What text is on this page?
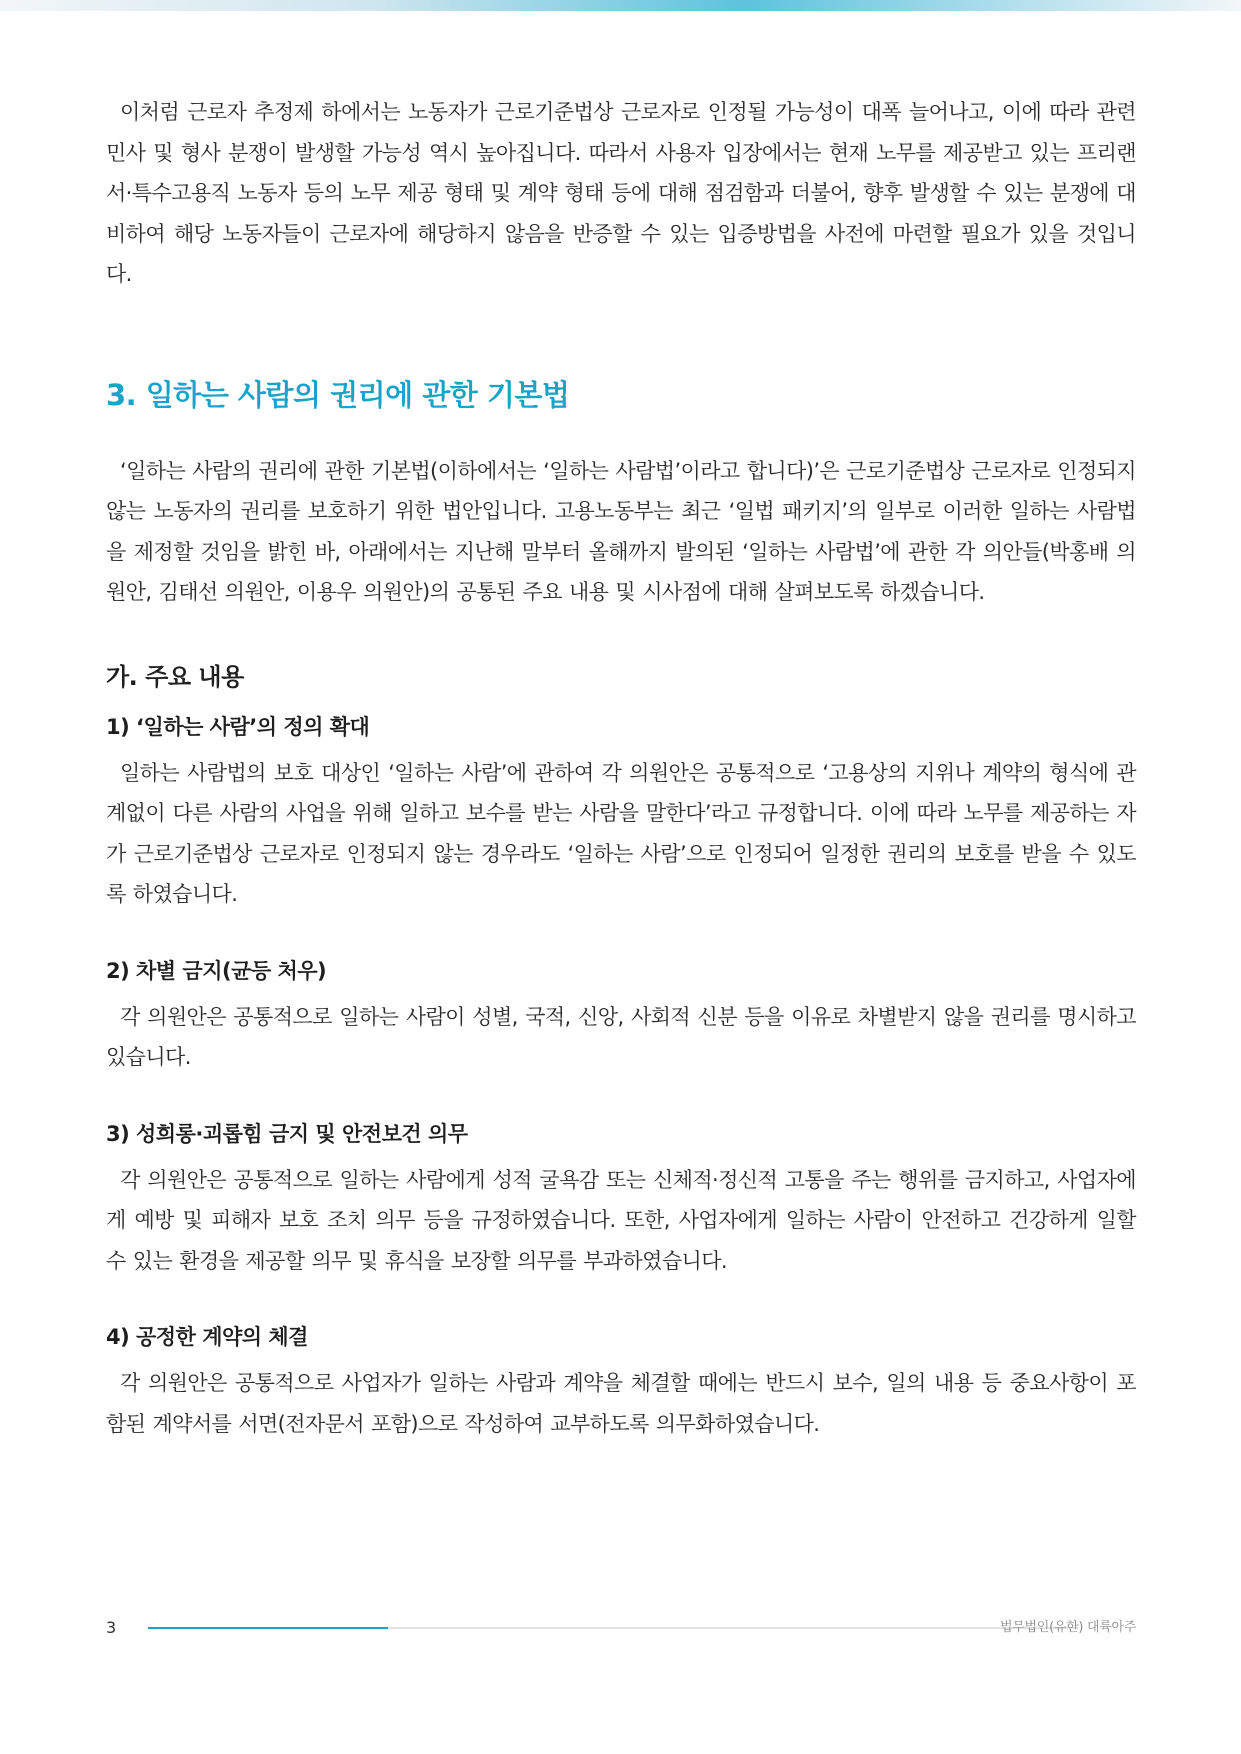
이처럼 근로자 추정제 하에서는 노동자가 근로기준법상 근로자로 인정될 가능성이 대폭 늘어나고, 이에 따라 관련 민사 및 형사 분쟁이 발생할 가능성 역시 높아집니다. 따라서 사용자 입장에서는 현재 노무를 제공받고 있는 프리랜서·특수고용직 노동자 등의 노무 제공 형태 및 계약 형태 등에 대해 점검함과 더불어, 향후 발생할 수 있는 분쟁에 대비하여 해당 노동자들이 근로자에 해당하지 않음을 반증할 수 있는 입증방법을 사전에 마련할 필요가 있을 것입니다.

3. 일하는 사람의 권리에 관한 기본법

‘일하는 사람의 권리에 관한 기본법(이하에서는 ‘일하는 사람법’이라고 합니다)’은 근로기준법상 근로자로 인정되지 않는 노동자의 권리를 보호하기 위한 법안입니다. 고용노동부는 최근 ‘일법 패키지’의 일부로 이러한 일하는 사람법을 제정할 것임을 밝힌 바, 아래에서는 지난해 말부터 올해까지 발의된 ‘일하는 사람법’에 관한 각 의안들(박홍배 의원안, 김태선 의원안, 이용우 의원안)의 공통된 주요 내용 및 시사점에 대해 살펴보도록 하겠습니다.

가. 주요 내용
1) ‘일하는 사람’의 정의 확대

일하는 사람법의 보호 대상인 ‘일하는 사람’에 관하여 각 의원안은 공통적으로 ‘고용상의 지위나 계약의 형식에 관계없이 다른 사람의 사업을 위해 일하고 보수를 받는 사람을 말한다’라고 규정합니다. 이에 따라 노무를 제공하는 자가 근로기준법상 근로자로 인정되지 않는 경우라도 ‘일하는 사람’으로 인정되어 일정한 권리의 보호를 받을 수 있도록 하였습니다.

2) 차별 금지(균등 처우)

각 의원안은 공통적으로 일하는 사람이 성별, 국적, 신앙, 사회적 신분 등을 이유로 차별받지 않을 권리를 명시하고 있습니다.

3) 성희롱·괴롭힘 금지 및 안전보건 의무

각 의원안은 공통적으로 일하는 사람에게 성적 굴욕감 또는 신체적·정신적 고통을 주는 행위를 금지하고, 사업자에게 예방 및 피해자 보호 조치 의무 등을 규정하였습니다. 또한, 사업자에게 일하는 사람이 안전하고 건강하게 일할 수 있는 환경을 제공할 의무 및 휴식을 보장할 의무를 부과하였습니다.

4) 공정한 계약의 체결

각 의원안은 공통적으로 사업자가 일하는 사람과 계약을 체결할 때에는 반드시 보수, 일의 내용 등 중요사항이 포함된 계약서를 서면(전자문서 포함)으로 작성하여 교부하도록 의무화하였습니다.

3	법무법인(유한) 대륙아주
